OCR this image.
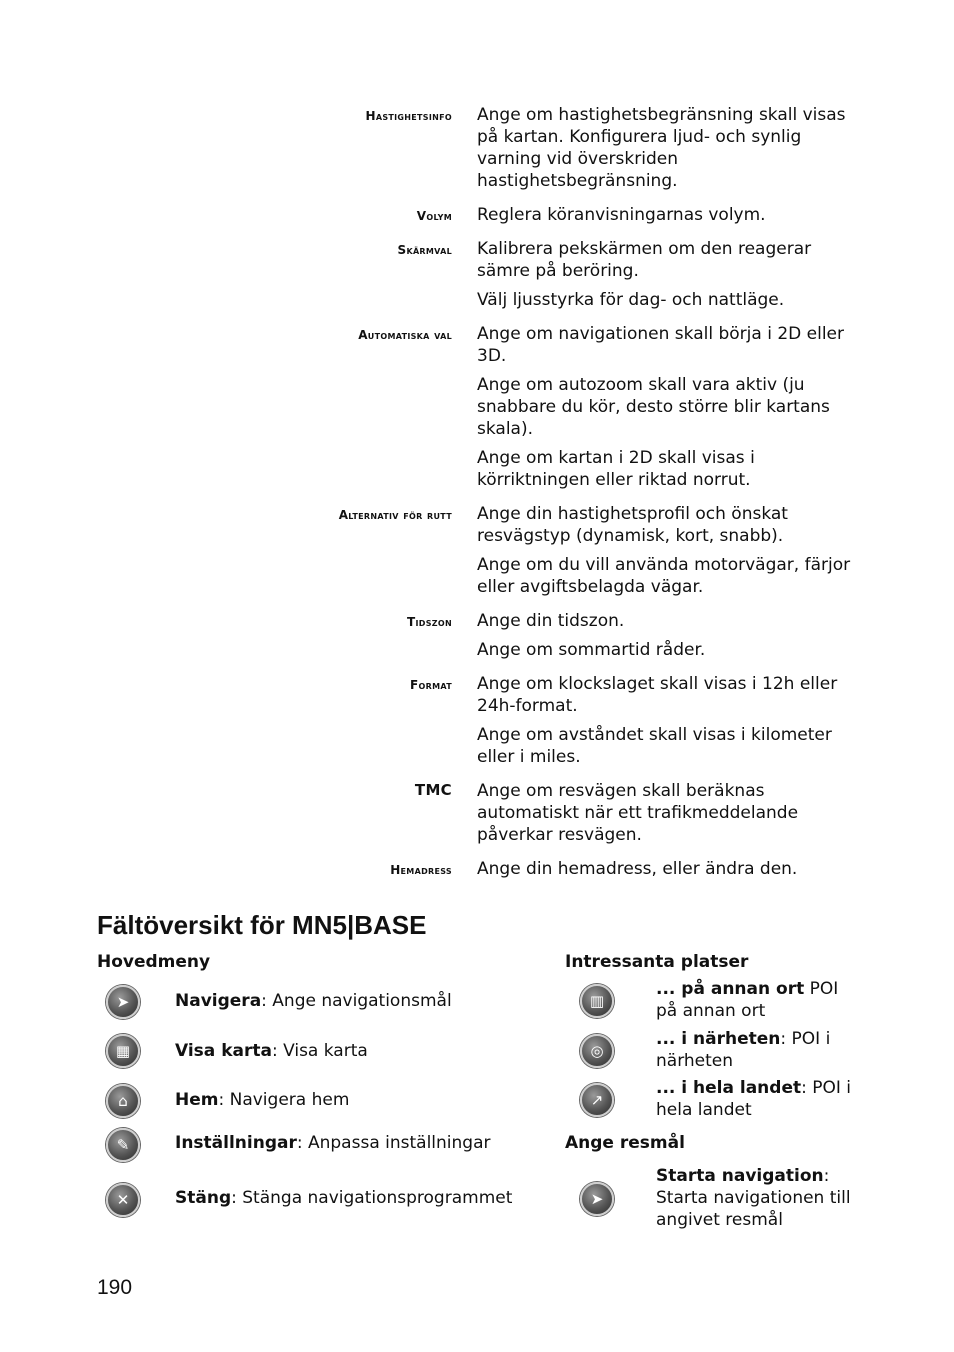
Hastighetsinfo Ange om hastighetsbegränsning skall visas på kartan. Konfigurera ljud- och synlig varning vid överskriden hastighetsbegränsning.

Volym Reglera köranvisningarnas volym.

Skärmval Kalibrera pekskärmen om den reagerar sämre på beröring.

Välj ljusstyrka för dag- och nattläge.

Automatiska val Ange om navigationen skall börja i 2D eller 3D.

Ange om autozoom skall vara aktiv (ju snabbare du kör, desto större blir kartans skala).

Ange om kartan i 2D skall visas i körriktningen eller riktad norrut.

Alternativ för rutt Ange din hastighetsprofil och önskat resvägstyp (dynamisk, kort, snabb).

Ange om du vill använda motorvägar, färjor eller avgiftsbelagda vägar.

Tidszon Ange din tidszon.

Ange om sommartid råder.

Format Ange om klockslaget skall visas i 12h eller 24h-format.

Ange om avståndet skall visas i kilometer eller i miles.

TMC Ange om resvägen skall beräknas automatiskt när ett trafikmeddelande påverkar resvägen.

Hemadress Ange din hemadress, eller ändra den.

Fältöversikt för MN5|BASE
Hovedmeny
➤	Navigera: Ange navigationsmål
▦	Visa karta: Visa karta
⌂	Hem: Navigera hem
✎	Inställningar: Anpassa inställningar
✕	Stäng: Stänga navigationsprogrammet
Intressanta platser
▥
... på annan ort POI på annan ort
◎
... i närheten: POI i närheten
↗
... i hela landet: POI i hela landet
Ange resmål
➤
Starta navigation: Starta navigationen till angivet resmål
190
